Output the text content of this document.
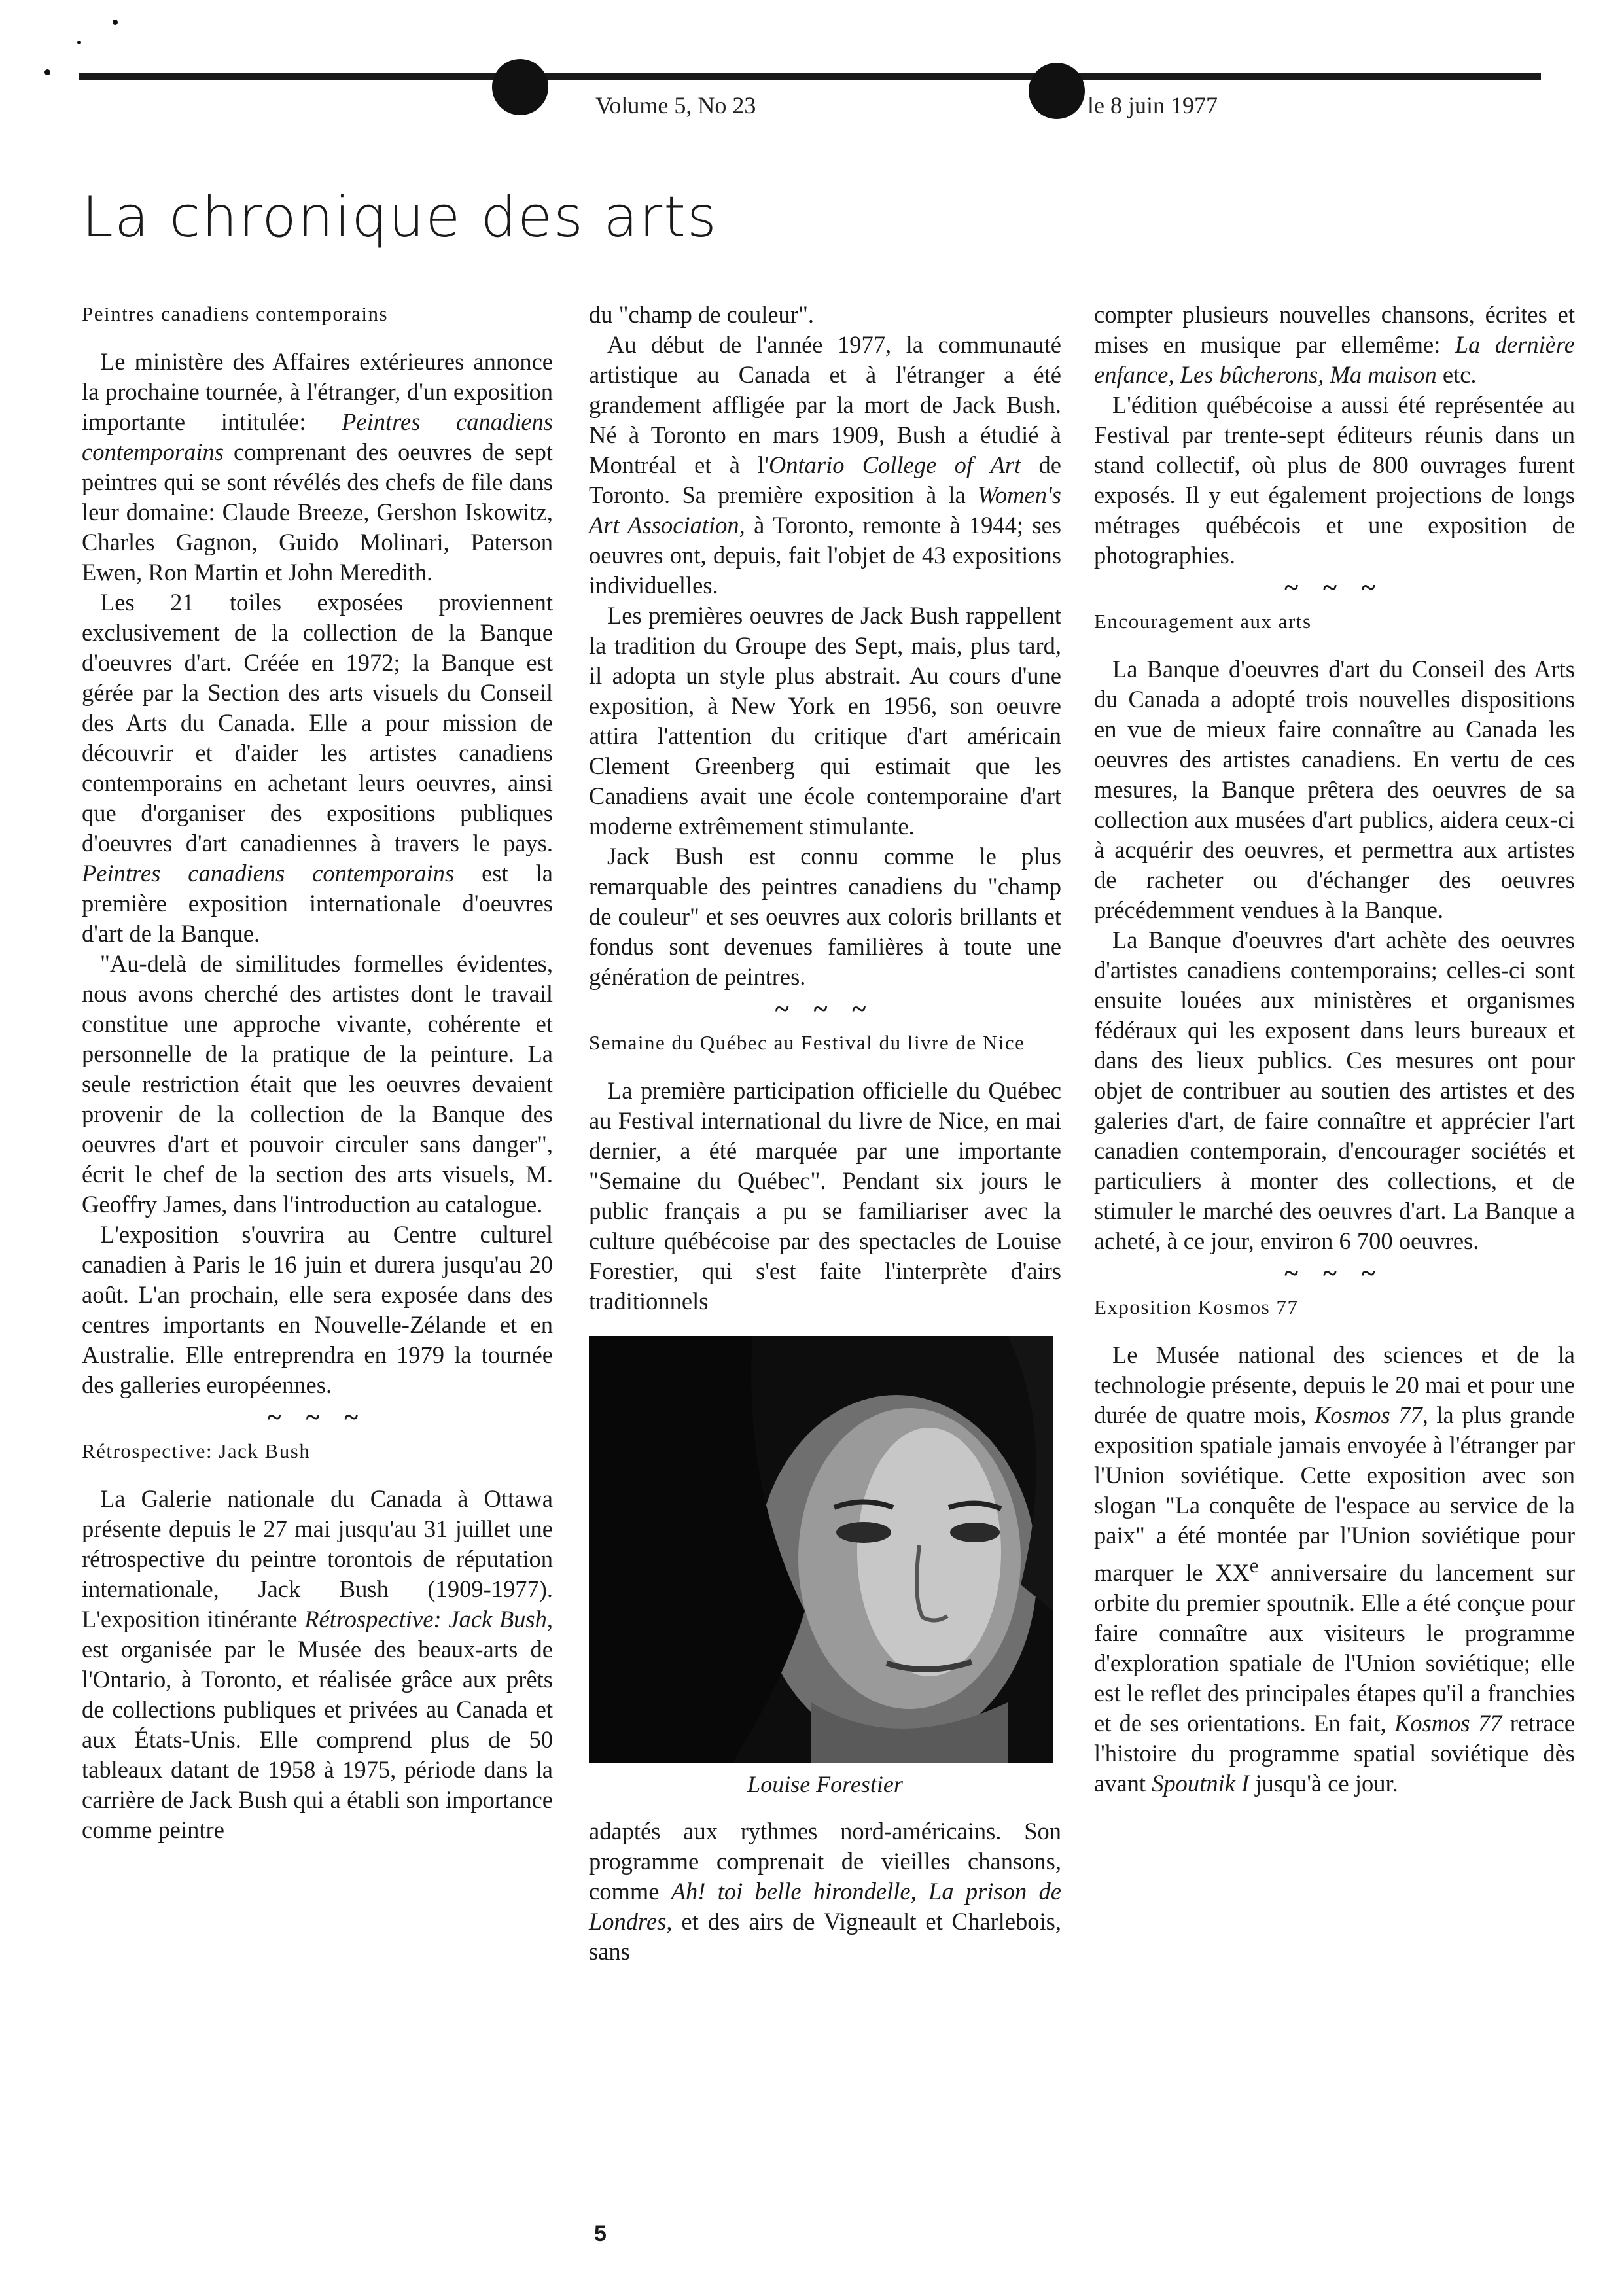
Volume 5, No 23	le 8 juin 1977
La chronique des arts
Peintres canadiens contemporains

Le ministère des Affaires extérieures annonce la prochaine tournée, à l'étranger, d'un exposition importante intitulée: Peintres canadiens contemporains comprenant des oeuvres de sept peintres qui se sont révélés des chefs de file dans leur domaine: Claude Breeze, Gershon Iskowitz, Charles Gagnon, Guido Molinari, Paterson Ewen, Ron Martin et John Meredith.

Les 21 toiles exposées proviennent exclusivement de la collection de la Banque d'oeuvres d'art. Créée en 1972; la Banque est gérée par la Section des arts visuels du Conseil des Arts du Canada. Elle a pour mission de découvrir et d'aider les artistes canadiens contemporains en achetant leurs oeuvres, ainsi que d'organiser des expositions publiques d'oeuvres d'art canadiennes à travers le pays. Peintres canadiens contemporains est la première exposition internationale d'oeuvres d'art de la Banque.

"Au-delà de similitudes formelles évidentes, nous avons cherché des artistes dont le travail constitue une approche vivante, cohérente et personnelle de la pratique de la peinture. La seule restriction était que les oeuvres devaient provenir de la collection de la Banque des oeuvres d'art et pouvoir circuler sans danger", écrit le chef de la section des arts visuels, M. Geoffry James, dans l'introduction au catalogue.

L'exposition s'ouvrira au Centre culturel canadien à Paris le 16 juin et durera jusqu'au 20 août. L'an prochain, elle sera exposée dans des centres importants en Nouvelle-Zélande et en Australie. Elle entreprendra en 1979 la tournée des galleries européennes.

~ ~ ~
Rétrospective: Jack Bush

La Galerie nationale du Canada à Ottawa présente depuis le 27 mai jusqu'au 31 juillet une rétrospective du peintre torontois de réputation internationale, Jack Bush (1909-1977). L'exposition itinérante Rétrospective: Jack Bush, est organisée par le Musée des beaux-arts de l'Ontario, à Toronto, et réalisée grâce aux prêts de collections publiques et privées au Canada et aux États-Unis. Elle comprend plus de 50 tableaux datant de 1958 à 1975, période dans la carrière de Jack Bush qui a établi son importance comme peintre

du "champ de couleur".

Au début de l'année 1977, la communauté artistique au Canada et à l'étranger a été grandement affligée par la mort de Jack Bush. Né à Toronto en mars 1909, Bush a étudié à Montréal et à l'Ontario College of Art de Toronto. Sa première exposition à la Women's Art Association, à Toronto, remonte à 1944; ses oeuvres ont, depuis, fait l'objet de 43 expositions individuelles.

Les premières oeuvres de Jack Bush rappellent la tradition du Groupe des Sept, mais, plus tard, il adopta un style plus abstrait. Au cours d'une exposition, à New York en 1956, son oeuvre attira l'attention du critique d'art américain Clement Greenberg qui estimait que les Canadiens avait une école contemporaine d'art moderne extrêmement stimulante.

Jack Bush est connu comme le plus remarquable des peintres canadiens du "champ de couleur" et ses oeuvres aux coloris brillants et fondus sont devenues familières à toute une génération de peintres.

~ ~ ~
Semaine du Québec au Festival du livre de Nice

La première participation officielle du Québec au Festival international du livre de Nice, en mai dernier, a été marquée par une importante "Semaine du Québec". Pendant six jours le public français a pu se familiariser avec la culture québécoise par des spectacles de Louise Forestier, qui s'est faite l'interprète d'airs traditionnels

Louise Forestier

adaptés aux rythmes nord-américains. Son programme comprenait de vieilles chansons, comme Ah! toi belle hirondelle, La prison de Londres, et des airs de Vigneault et Charlebois, sans

compter plusieurs nouvelles chansons, écrites et mises en musique par ellemême: La dernière enfance, Les bûcherons, Ma maison etc.

L'édition québécoise a aussi été représentée au Festival par trente-sept éditeurs réunis dans un stand collectif, où plus de 800 ouvrages furent exposés. Il y eut également projections de longs métrages québécois et une exposition de photographies.

~ ~ ~
Encouragement aux arts

La Banque d'oeuvres d'art du Conseil des Arts du Canada a adopté trois nouvelles dispositions en vue de mieux faire connaître au Canada les oeuvres des artistes canadiens. En vertu de ces mesures, la Banque prêtera des oeuvres de sa collection aux musées d'art publics, aidera ceux-ci à acquérir des oeuvres, et permettra aux artistes de racheter ou d'échanger des oeuvres précédemment vendues à la Banque.

La Banque d'oeuvres d'art achète des oeuvres d'artistes canadiens contemporains; celles-ci sont ensuite louées aux ministères et organismes fédéraux qui les exposent dans leurs bureaux et dans des lieux publics. Ces mesures ont pour objet de contribuer au soutien des artistes et des galeries d'art, de faire connaître et apprécier l'art canadien contemporain, d'encourager sociétés et particuliers à monter des collections, et de stimuler le marché des oeuvres d'art. La Banque a acheté, à ce jour, environ 6 700 oeuvres.

~ ~ ~
Exposition Kosmos 77

Le Musée national des sciences et de la technologie présente, depuis le 20 mai et pour une durée de quatre mois, Kosmos 77, la plus grande exposition spatiale jamais envoyée à l'étranger par l'Union soviétique. Cette exposition avec son slogan "La conquête de l'espace au service de la paix" a été montée par l'Union soviétique pour marquer le XXe anniversaire du lancement sur orbite du premier spoutnik. Elle a été conçue pour faire connaître aux visiteurs le programme d'exploration spatiale de l'Union soviétique; elle est le reflet des principales étapes qu'il a franchies et de ses orientations. En fait, Kosmos 77 retrace l'histoire du programme spatial soviétique dès avant Spoutnik I jusqu'à ce jour.

5
